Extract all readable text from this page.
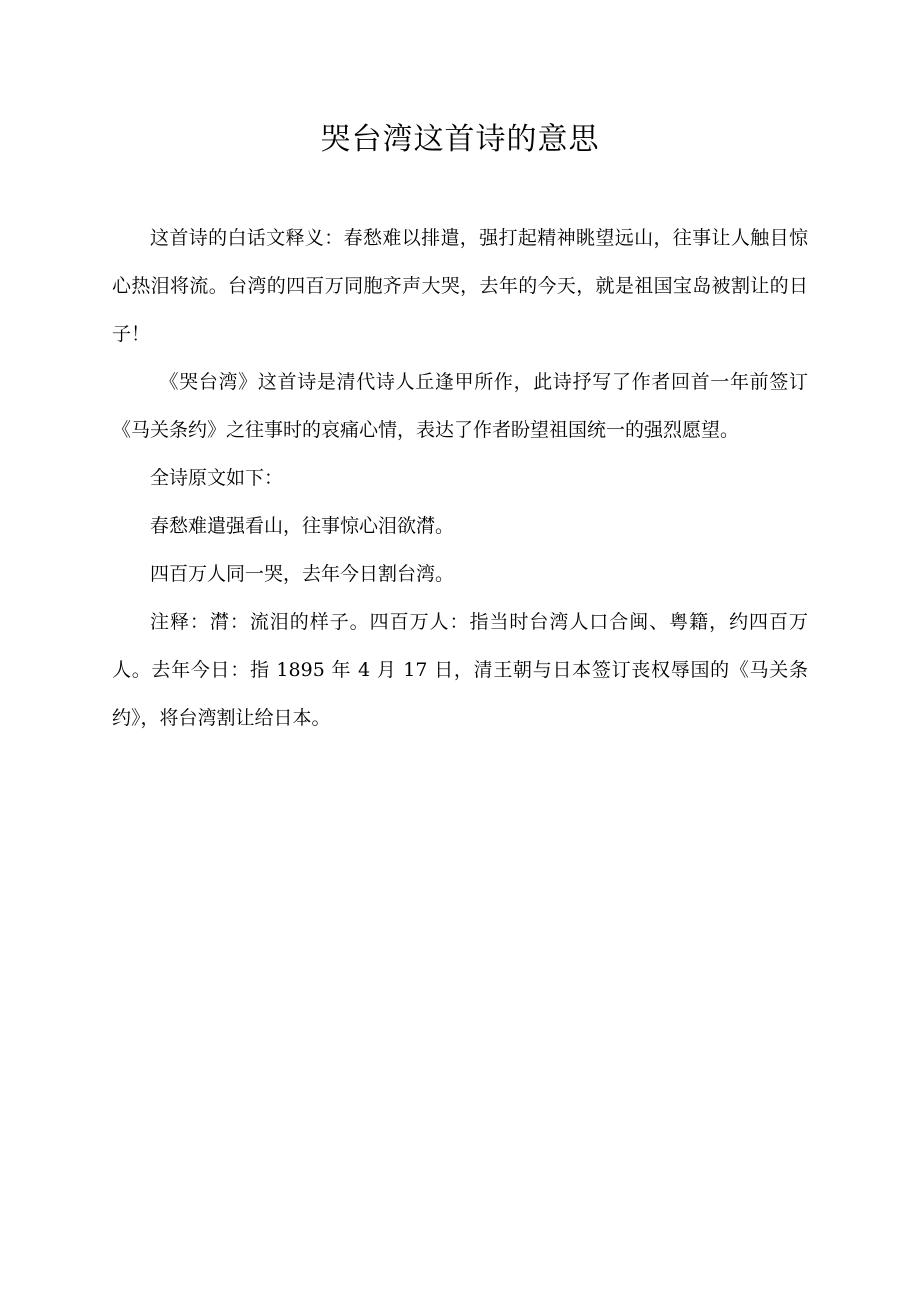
哭台湾这首诗的意思

这首诗的白话文释义：春愁难以排遣，强打起精神眺望远山，往事让人触目惊心热泪将流。台湾的四百万同胞齐声大哭，去年的今天，就是祖国宝岛被割让的日子！

《哭台湾》这首诗是清代诗人丘逢甲所作，此诗抒写了作者回首一年前签订《马关条约》之往事时的哀痛心情，表达了作者盼望祖国统一的强烈愿望。

全诗原文如下：

春愁难遣强看山，往事惊心泪欲潸。

四百万人同一哭，去年今日割台湾。

注释：潸：流泪的样子。四百万人：指当时台湾人口合闽、粤籍，约四百万人。去年今日：指 1895 年 4 月 17 日，清王朝与日本签订丧权辱国的《马关条约》，将台湾割让给日本。
